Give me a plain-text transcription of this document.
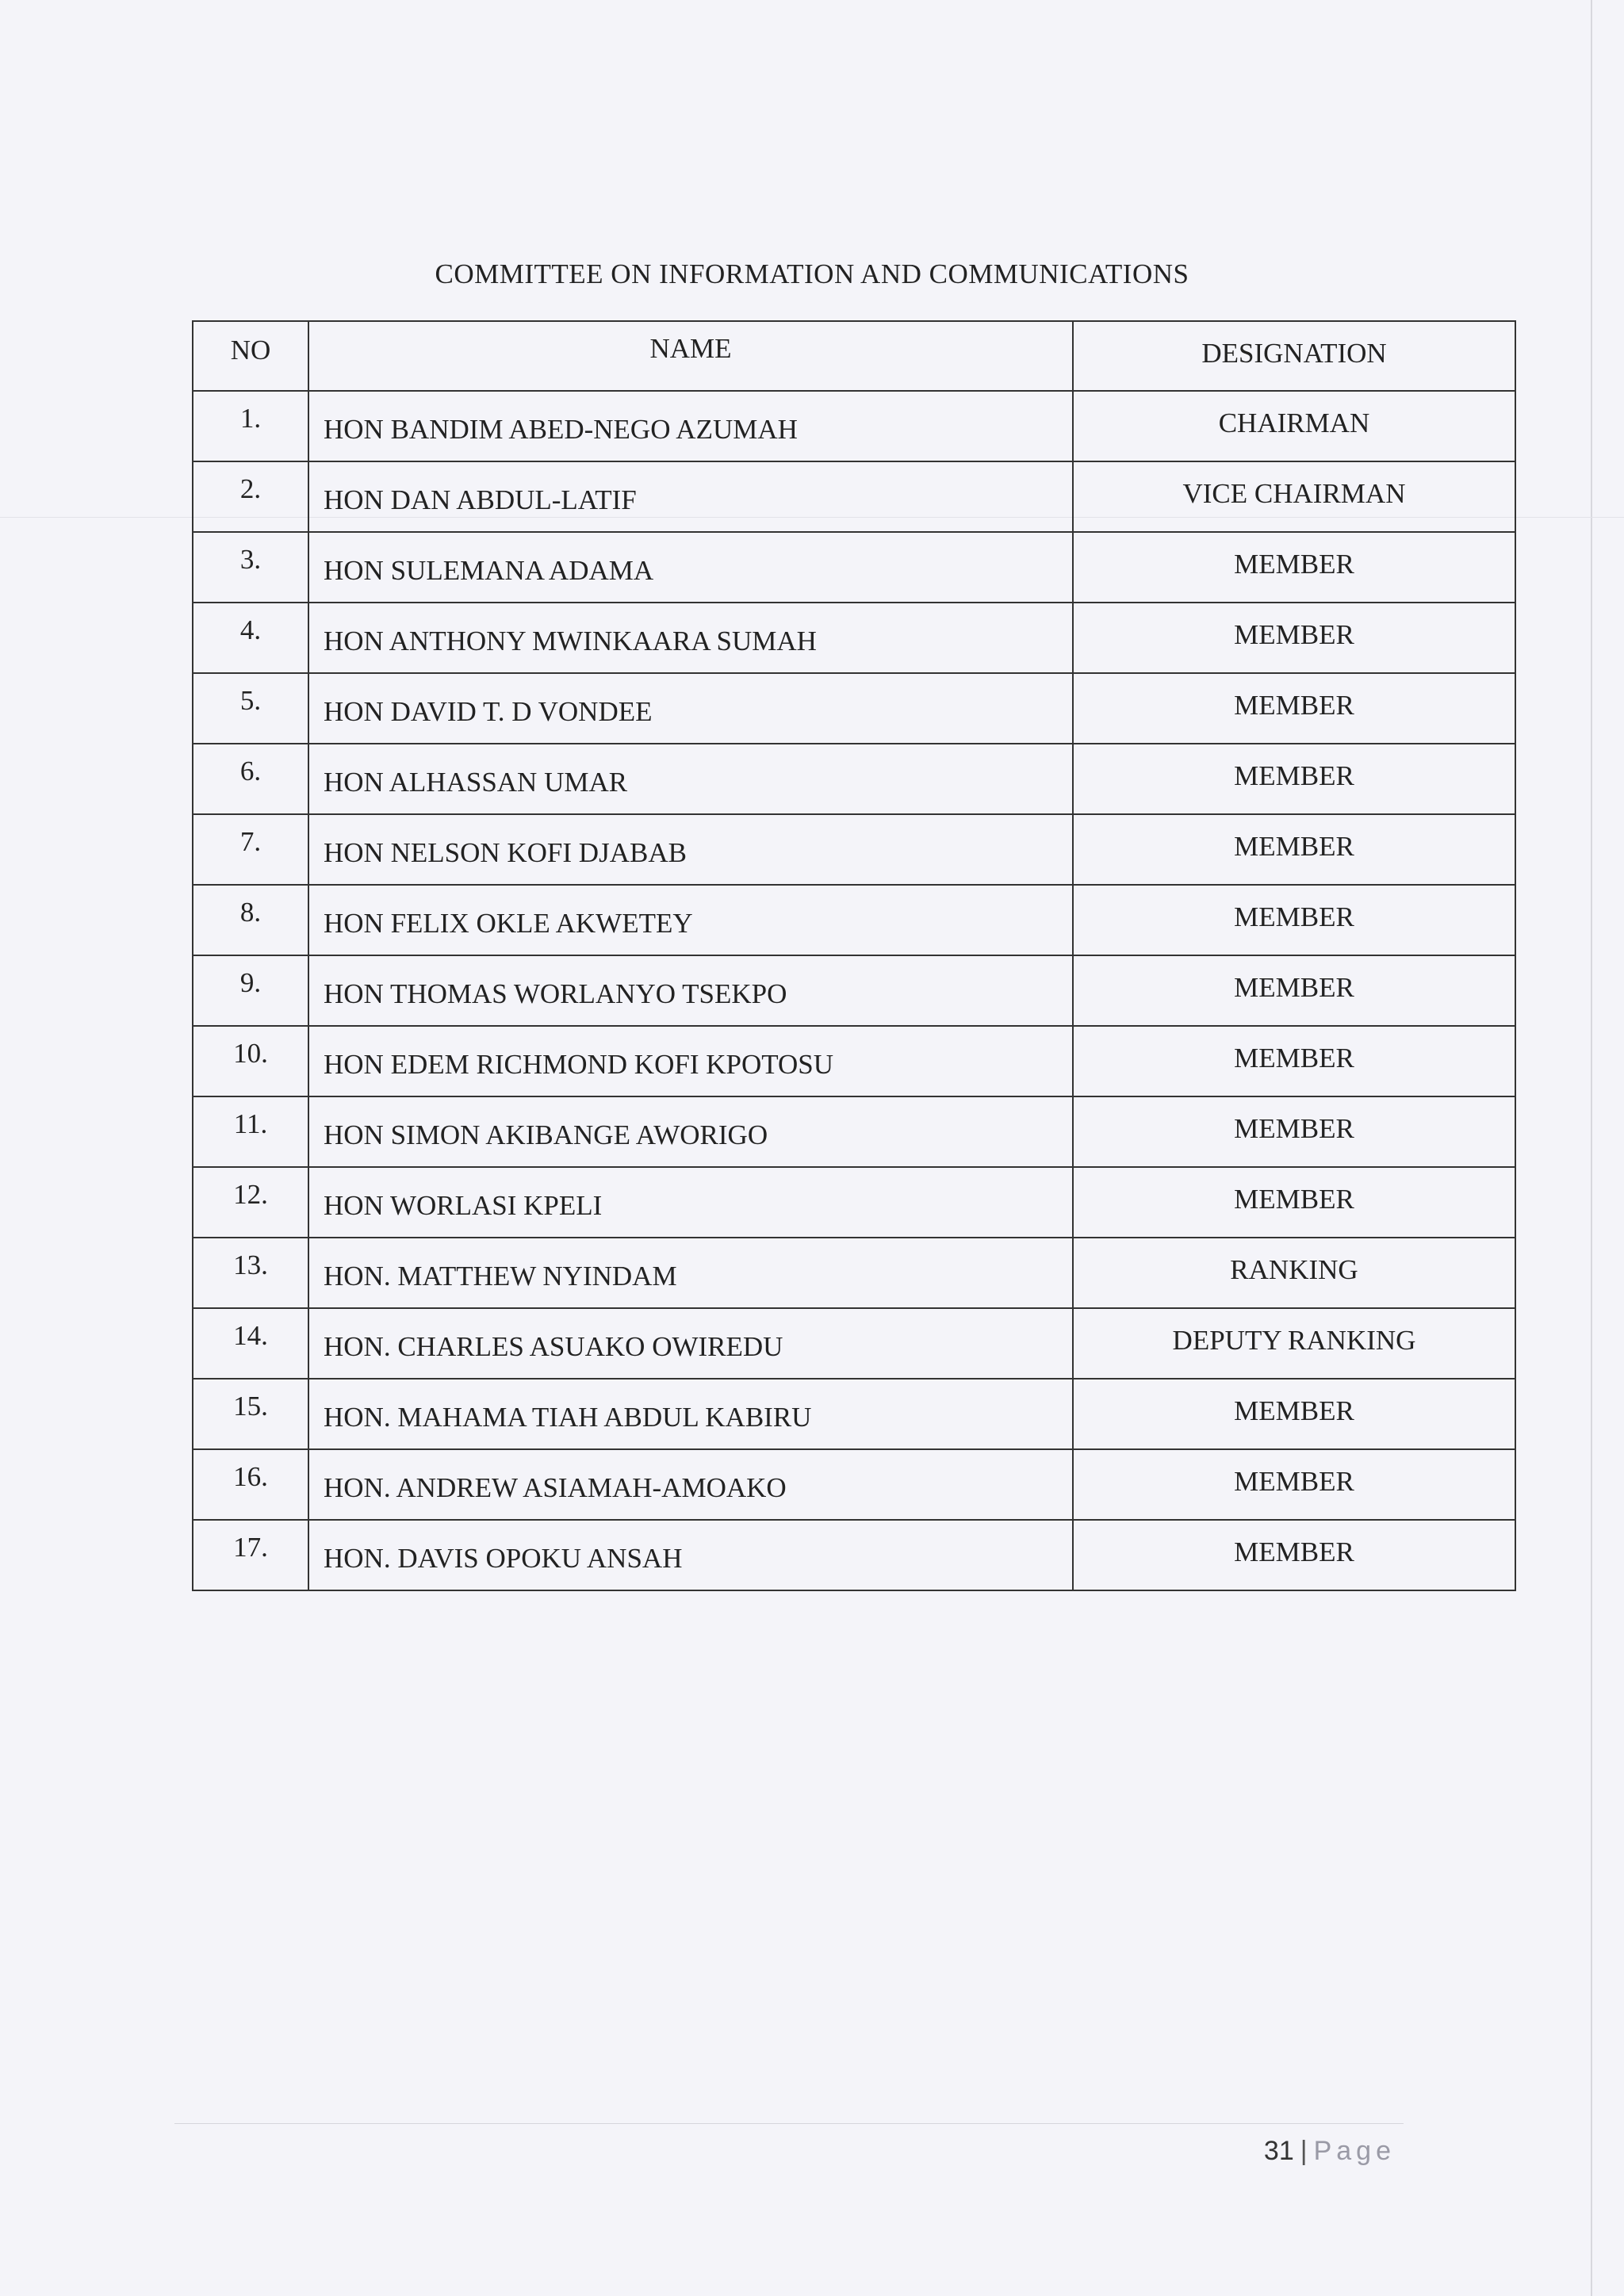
COMMITTEE ON INFORMATION AND COMMUNICATIONS
NO	NAME	DESIGNATION
1.	HON BANDIM ABED-NEGO AZUMAH	CHAIRMAN
2.	HON DAN ABDUL-LATIF	VICE CHAIRMAN
3.	HON SULEMANA ADAMA	MEMBER
4.	HON ANTHONY MWINKAARA SUMAH	MEMBER
5.	HON DAVID T. D VONDEE	MEMBER
6.	HON ALHASSAN UMAR	MEMBER
7.	HON NELSON KOFI DJABAB	MEMBER
8.	HON FELIX OKLE AKWETEY	MEMBER
9.	HON THOMAS WORLANYO TSEKPO	MEMBER
10.	HON EDEM RICHMOND KOFI KPOTOSU	MEMBER
11.	HON SIMON AKIBANGE AWORIGO	MEMBER
12.	HON WORLASI KPELI	MEMBER
13.	HON. MATTHEW NYINDAM	RANKING
14.	HON. CHARLES ASUAKO OWIREDU	DEPUTY RANKING
15.	HON. MAHAMA TIAH ABDUL KABIRU	MEMBER
16.	HON. ANDREW ASIAMAH-AMOAKO	MEMBER
17.	HON. DAVIS OPOKU ANSAH	MEMBER
31 | Page
